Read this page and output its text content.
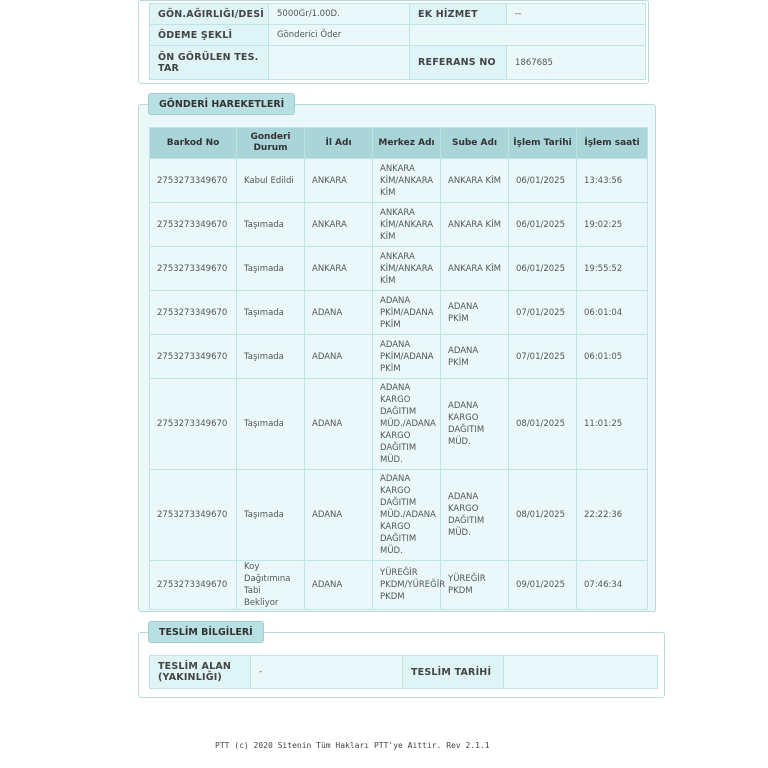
GÖN.AĞIRLIĞI/DESİ	5000Gr/1.00D.	EK HİZMET	--
ÖDEME ŞEKLİ	Gönderici Öder		
ÖN GÖRÜLEN TES. TAR		REFERANS NO	1867685
Barkod No	Gonderi Durum	İl Adı	Merkez Adı	Sube Adı	İşlem Tarihi	İşlem saati
2753273349670	Kabul Edildi	ANKARA	ANKARA KİM/ANKARA KİM	ANKARA KİM	06/01/2025	13:43:56
2753273349670	Taşımada	ANKARA	ANKARA KİM/ANKARA KİM	ANKARA KİM	06/01/2025	19:02:25
2753273349670	Taşımada	ANKARA	ANKARA KİM/ANKARA KİM	ANKARA KİM	06/01/2025	19:55:52
2753273349670	Taşımada	ADANA	ADANA PKİM/ADANA PKİM	ADANA PKİM	07/01/2025	06:01:04
2753273349670	Taşımada	ADANA	ADANA PKİM/ADANA PKİM	ADANA PKİM	07/01/2025	06:01:05
2753273349670	Taşımada	ADANA	ADANA KARGO DAĞITIM MÜD./ADANA KARGO DAĞITIM MÜD.	ADANA KARGO DAĞITIM MÜD.	08/01/2025	11:01:25
2753273349670	Taşımada	ADANA	ADANA KARGO DAĞITIM MÜD./ADANA KARGO DAĞITIM MÜD.	ADANA KARGO DAĞITIM MÜD.	08/01/2025	22:22:36
2753273349670	Koy Dağıtımına Tabi Bekliyor	ADANA	YÜREĞİR PKDM/YÜREĞİR PKDM	YÜREĞİR PKDM	09/01/2025	07:46:34
GÖNDERİ HAREKETLERİ
TESLİM ALAN (YAKINLIĞI)	-	TESLİM TARİHİ	
TESLİM BİLGİLERİ
PTT (c) 2020 Sitenin Tüm Hakları PTT'ye Aittir. Rev 2.1.1
